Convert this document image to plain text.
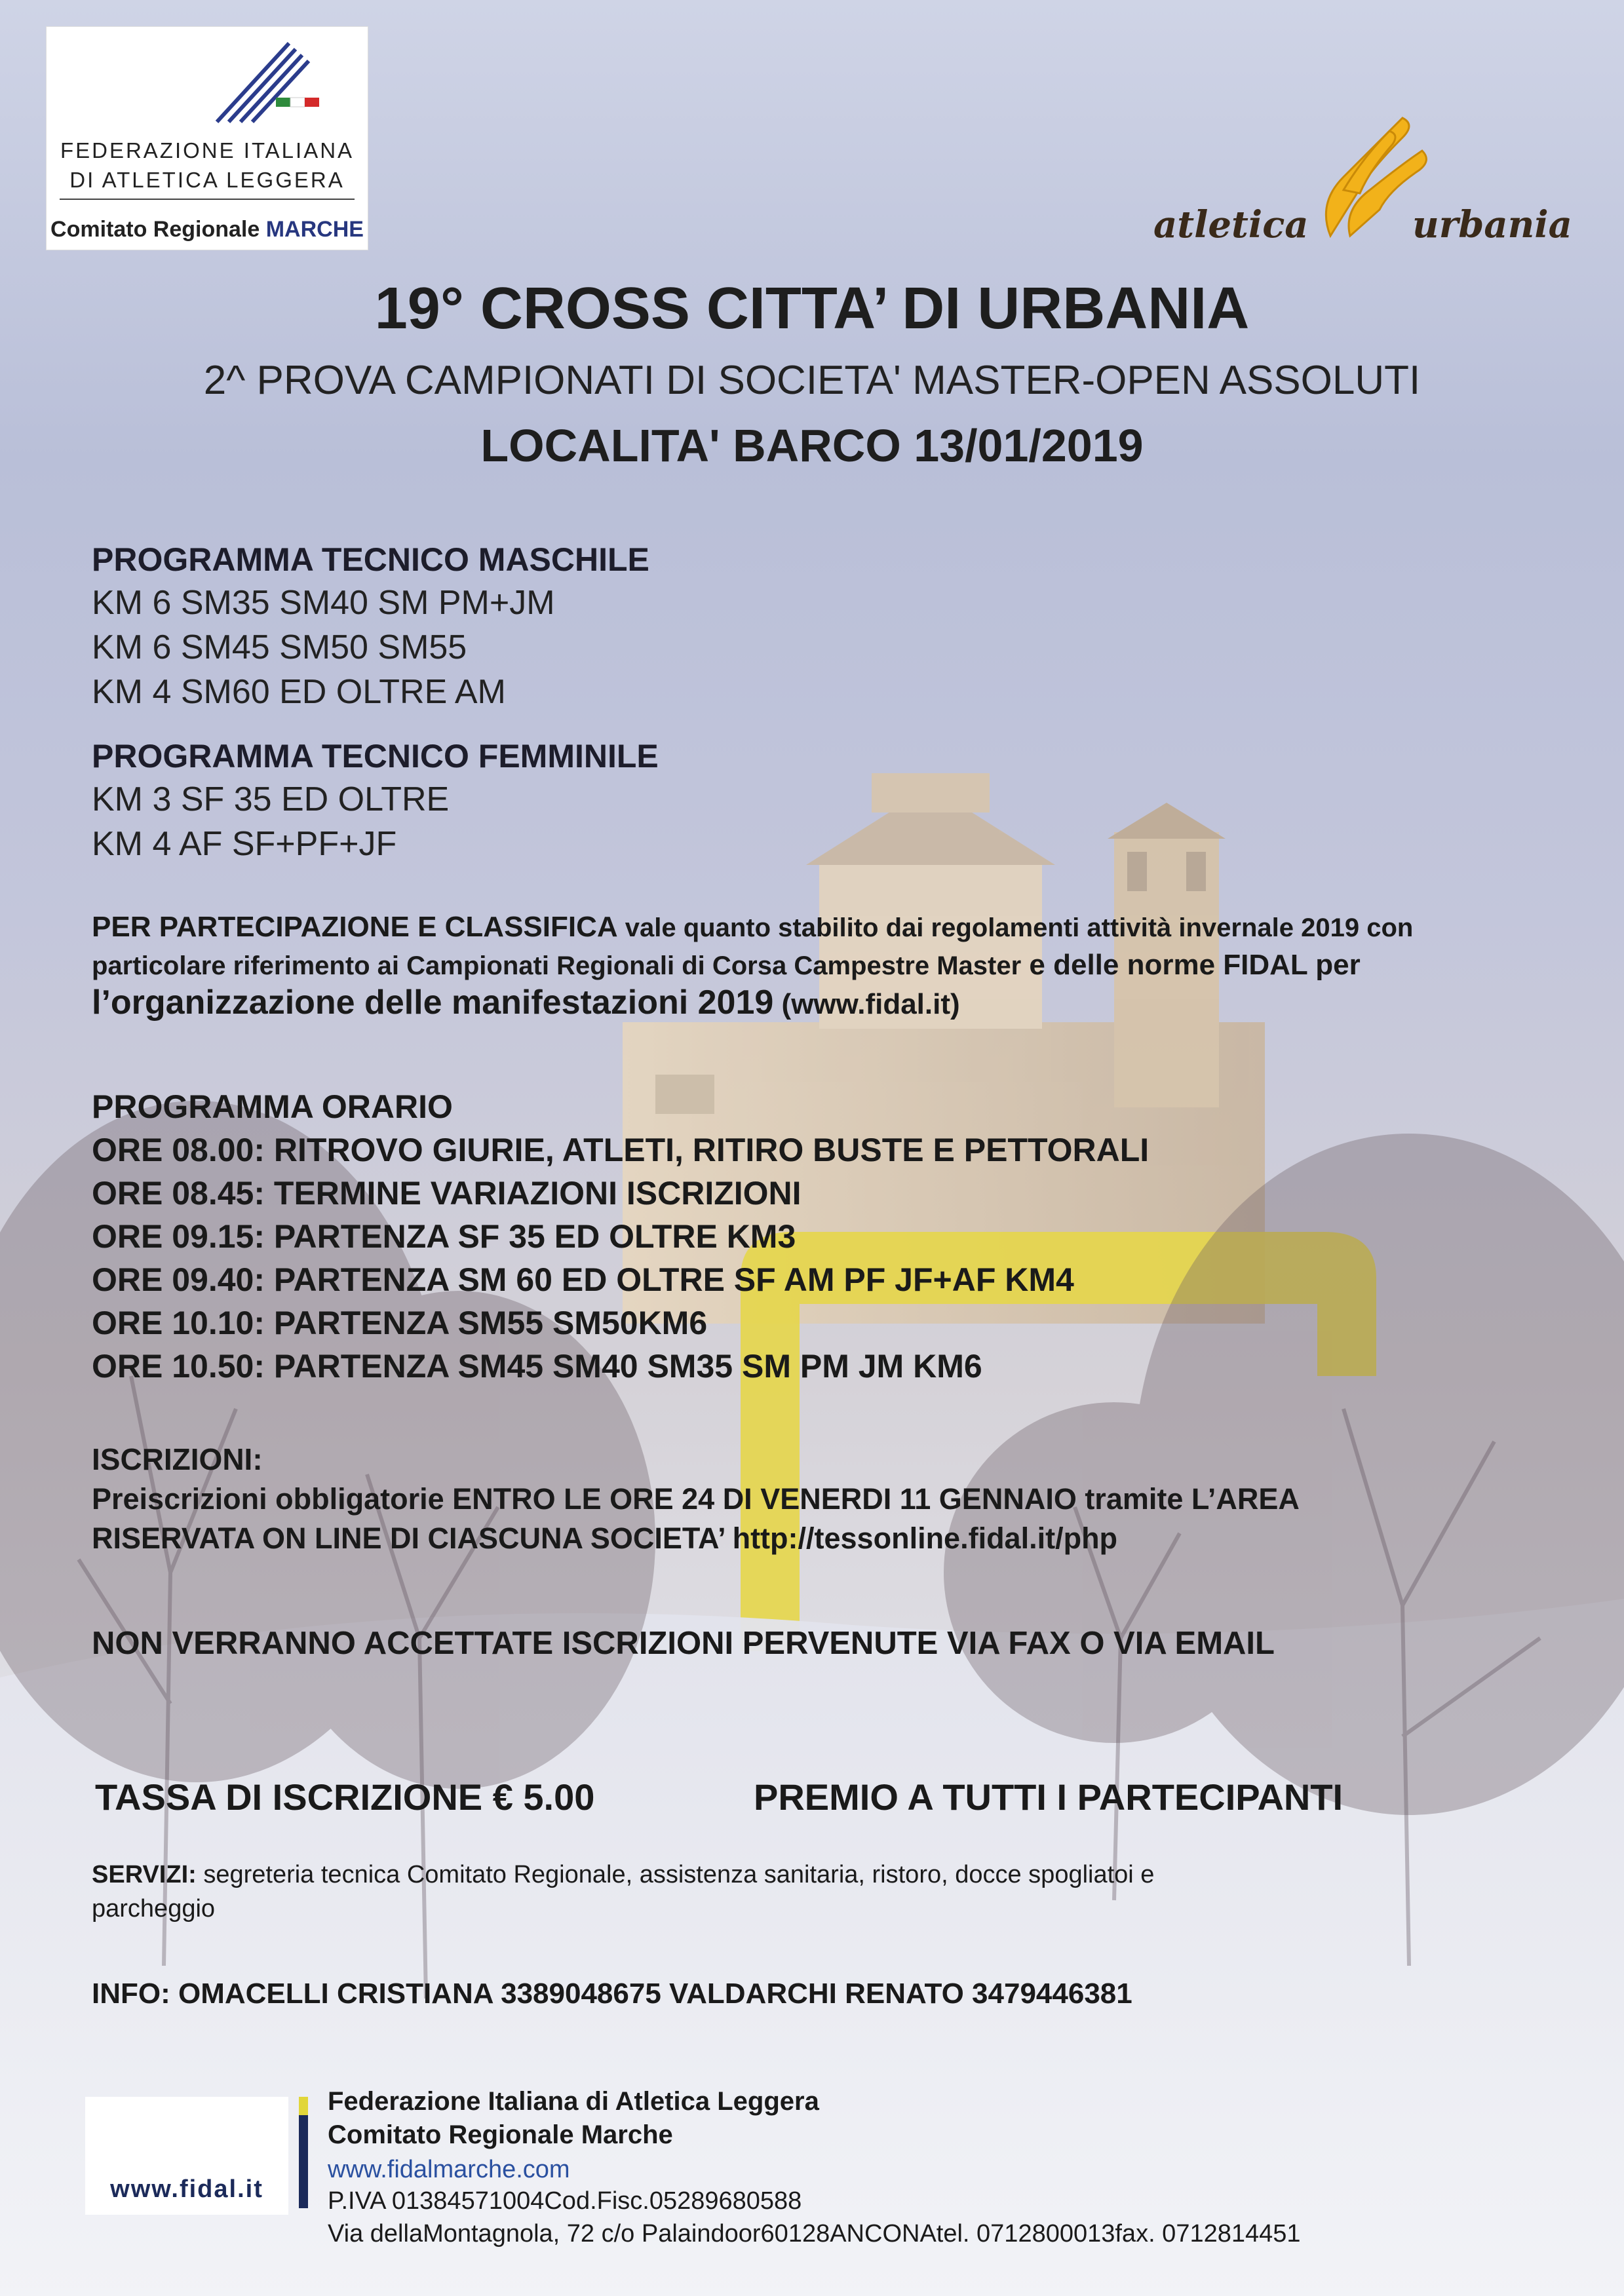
FEDERAZIONE ITALIANA
DI ATLETICA LEGGERA
Comitato Regionale MARCHE	atletica	urbania
19° CROSS CITTA’ DI URBANIA
2^ PROVA CAMPIONATI DI SOCIETA' MASTER-OPEN ASSOLUTI
LOCALITA' BARCO 13/01/2019
PROGRAMMA TECNICO MASCHILE
KM 6 SM35 SM40 SM PM+JM
KM 6 SM45 SM50 SM55
KM 4 SM60 ED OLTRE AM
PROGRAMMA TECNICO FEMMINILE
KM 3 SF 35 ED OLTRE
KM 4 AF SF+PF+JF
PER PARTECIPAZIONE E CLASSIFICA vale quanto stabilito dai regolamenti attività invernale 2019 con
particolare riferimento ai Campionati Regionali di Corsa Campestre Master e delle norme FIDAL per
l’organizzazione delle manifestazioni 2019 (www.fidal.it)
PROGRAMMA ORARIO
ORE 08.00: RITROVO GIURIE, ATLETI, RITIRO BUSTE E PETTORALI
ORE 08.45: TERMINE VARIAZIONI ISCRIZIONI
ORE 09.15: PARTENZA SF 35 ED OLTRE KM3
ORE 09.40: PARTENZA SM 60 ED OLTRE SF AM PF JF+AF KM4
ORE 10.10: PARTENZA SM55 SM50KM6
ORE 10.50: PARTENZA SM45 SM40 SM35 SM PM JM KM6
ISCRIZIONI:
Preiscrizioni obbligatorie ENTRO LE ORE 24 DI VENERDI 11 GENNAIO tramite L’AREA
RISERVATA ON LINE DI CIASCUNA SOCIETA’ http://tessonline.fidal.it/php
NON VERRANNO ACCETTATE ISCRIZIONI PERVENUTE VIA FAX O VIA EMAIL
TASSA DI ISCRIZIONE € 5.00	PREMIO A TUTTI I PARTECIPANTI
SERVIZI: segreteria tecnica Comitato Regionale, assistenza sanitaria, ristoro, docce spogliatoi e
parcheggio
INFO: OMACELLI CRISTIANA 3389048675 VALDARCHI RENATO 3479446381
www.fidal.it
Federazione Italiana di Atletica Leggera
Comitato Regionale Marche
www.fidalmarche.com
P.IVA 01384571004Cod.Fisc.05289680588
Via dellaMontagnola, 72 c/o Palaindoor60128ANCONAtel. 0712800013fax. 0712814451
